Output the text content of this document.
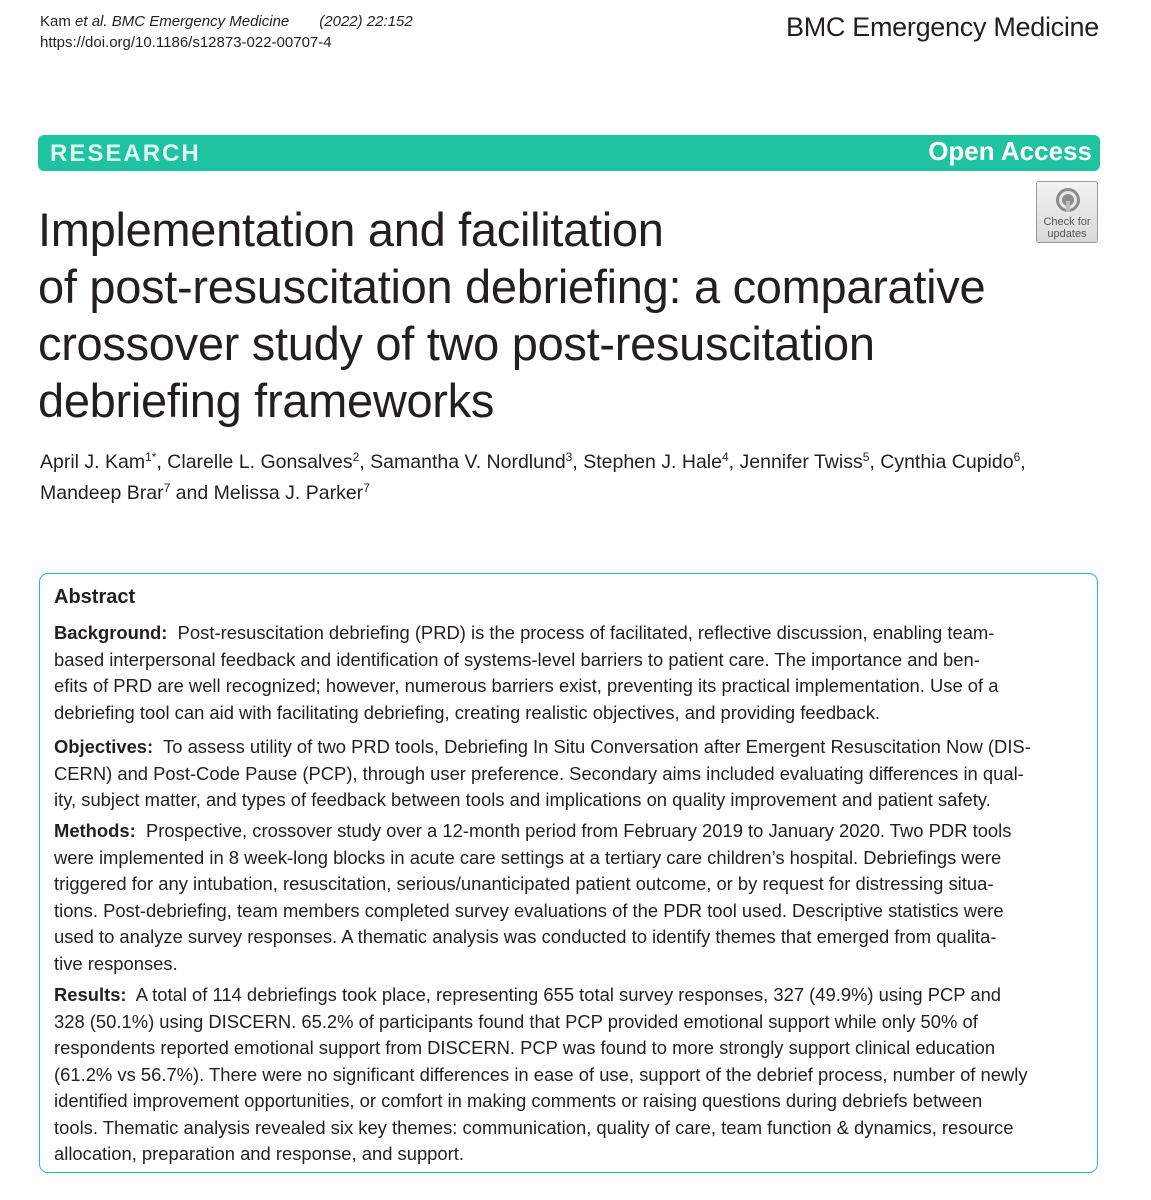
Kam et al. BMC Emergency Medicine (2022) 22:152
https://doi.org/10.1186/s12873-022-00707-4
BMC Emergency Medicine
RESEARCH	Open Access
Check for
updates
Implementation and facilitation
of post-resuscitation debriefing: a comparative
crossover study of two post-resuscitation
debriefing frameworks
April J. Kam$^{1*}$, Clarelle L. Gonsalves$^2$, Samantha V. Nordlund$^3$, Stephen J. Hale$^4$, Jennifer Twiss$^5$, Cynthia Cupido$^6$,
Mandeep Brar$^7$ and Melissa J. Parker$^7$
Abstract
Background: Post-resuscitation debriefing (PRD) is the process of facilitated, reflective discussion, enabling team-
based interpersonal feedback and identification of systems-level barriers to patient care. The importance and ben-
efits of PRD are well recognized; however, numerous barriers exist, preventing its practical implementation. Use of a
debriefing tool can aid with facilitating debriefing, creating realistic objectives, and providing feedback.
Objectives: To assess utility of two PRD tools, Debriefing In Situ Conversation after Emergent Resuscitation Now (DIS-
CERN) and Post-Code Pause (PCP), through user preference. Secondary aims included evaluating differences in qual-
ity, subject matter, and types of feedback between tools and implications on quality improvement and patient safety.
Methods: Prospective, crossover study over a 12-month period from February 2019 to January 2020. Two PDR tools
were implemented in 8 week-long blocks in acute care settings at a tertiary care children’s hospital. Debriefings were
triggered for any intubation, resuscitation, serious/unanticipated patient outcome, or by request for distressing situa-
tions. Post-debriefing, team members completed survey evaluations of the PDR tool used. Descriptive statistics were
used to analyze survey responses. A thematic analysis was conducted to identify themes that emerged from qualita-
tive responses.
Results: A total of 114 debriefings took place, representing 655 total survey responses, 327 (49.9%) using PCP and
328 (50.1%) using DISCERN. 65.2% of participants found that PCP provided emotional support while only 50% of
respondents reported emotional support from DISCERN. PCP was found to more strongly support clinical education
(61.2% vs 56.7%). There were no significant differences in ease of use, support of the debrief process, number of newly
identified improvement opportunities, or comfort in making comments or raising questions during debriefs between
tools. Thematic analysis revealed six key themes: communication, quality of care, team function & dynamics, resource
allocation, preparation and response, and support.
